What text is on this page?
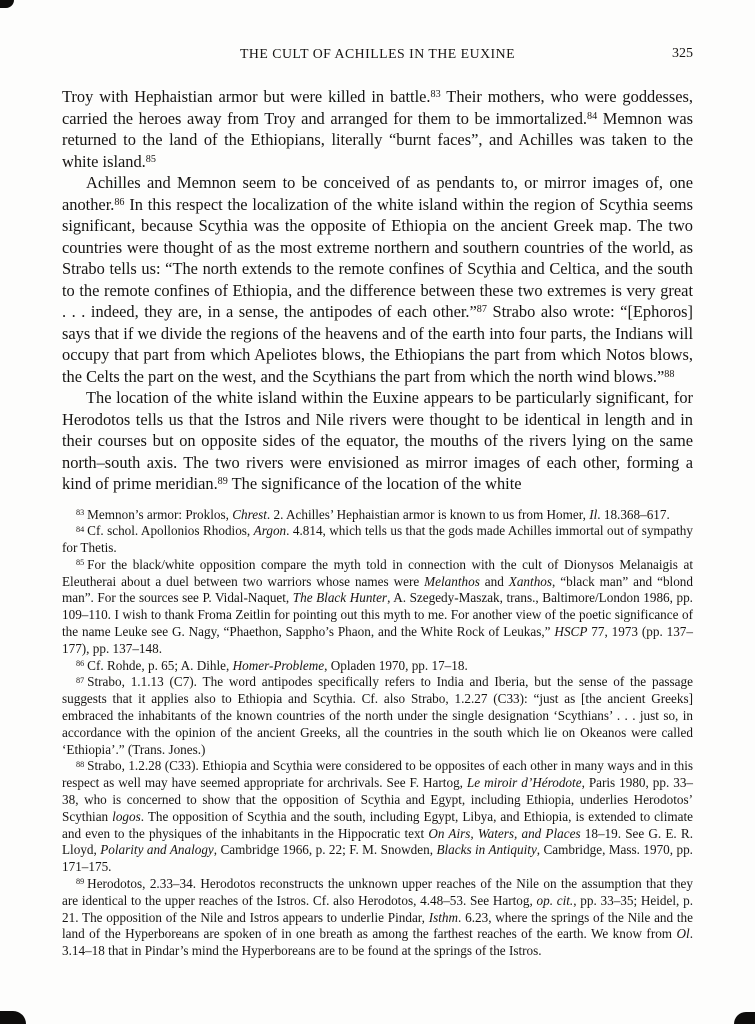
THE CULT OF ACHILLES IN THE EUXINE	325

Troy with Hephaistian armor but were killed in battle.$^{83}$ Their mothers, who were goddesses, carried the heroes away from Troy and arranged for them to be immortalized.$^{84}$ Memnon was returned to the land of the Ethiopians, literally “burnt faces”, and Achilles was taken to the white island.$^{85}$

Achilles and Memnon seem to be conceived of as pendants to, or mirror images of, one another.$^{86}$ In this respect the localization of the white island within the region of Scythia seems significant, because Scythia was the opposite of Ethiopia on the ancient Greek map. The two countries were thought of as the most extreme northern and southern countries of the world, as Strabo tells us: “The north extends to the remote confines of Scythia and Celtica, and the south to the remote confines of Ethiopia, and the difference between these two extremes is very great . . . indeed, they are, in a sense, the antipodes of each other.”$^{87}$ Strabo also wrote: “[Ephoros] says that if we divide the regions of the heavens and of the earth into four parts, the Indians will occupy that part from which Apeliotes blows, the Ethiopians the part from which Notos blows, the Celts the part on the west, and the Scythians the part from which the north wind blows.”$^{88}$

The location of the white island within the Euxine appears to be particularly significant, for Herodotos tells us that the Istros and Nile rivers were thought to be identical in length and in their courses but on opposite sides of the equator, the mouths of the rivers lying on the same north–south axis. The two rivers were envisioned as mirror images of each other, forming a kind of prime meridian.$^{89}$ The significance of the location of the white

$^{83}$ Memnon’s armor: Proklos, Chrest. 2. Achilles’ Hephaistian armor is known to us from Homer, Il. 18.368–617.

$^{84}$ Cf. schol. Apollonios Rhodios, Argon. 4.814, which tells us that the gods made Achilles immortal out of sympathy for Thetis.

$^{85}$ For the black/white opposition compare the myth told in connection with the cult of Dionysos Melanaigis at Eleutherai about a duel between two warriors whose names were Melanthos and Xanthos, “black man” and “blond man”. For the sources see P. Vidal-Naquet, The Black Hunter, A. Szegedy-Maszak, trans., Baltimore/London 1986, pp. 109–110. I wish to thank Froma Zeitlin for pointing out this myth to me. For another view of the poetic significance of the name Leuke see G. Nagy, “Phaethon, Sappho’s Phaon, and the White Rock of Leukas,” HSCP 77, 1973 (pp. 137–177), pp. 137–148.

$^{86}$ Cf. Rohde, p. 65; A. Dihle, Homer-Probleme, Opladen 1970, pp. 17–18.

$^{87}$ Strabo, 1.1.13 (C7). The word antipodes specifically refers to India and Iberia, but the sense of the passage suggests that it applies also to Ethiopia and Scythia. Cf. also Strabo, 1.2.27 (C33): “just as [the ancient Greeks] embraced the inhabitants of the known countries of the north under the single designation ‘Scythians’ . . . just so, in accordance with the opinion of the ancient Greeks, all the countries in the south which lie on Okeanos were called ‘Ethiopia’.” (Trans. Jones.)

$^{88}$ Strabo, 1.2.28 (C33). Ethiopia and Scythia were considered to be opposites of each other in many ways and in this respect as well may have seemed appropriate for archrivals. See F. Hartog, Le miroir d’Hérodote, Paris 1980, pp. 33–38, who is concerned to show that the opposition of Scythia and Egypt, including Ethiopia, underlies Herodotos’ Scythian logos. The opposition of Scythia and the south, including Egypt, Libya, and Ethiopia, is extended to climate and even to the physiques of the inhabitants in the Hippocratic text On Airs, Waters, and Places 18–19. See G. E. R. Lloyd, Polarity and Analogy, Cambridge 1966, p. 22; F. M. Snowden, Blacks in Antiquity, Cambridge, Mass. 1970, pp. 171–175.

$^{89}$ Herodotos, 2.33–34. Herodotos reconstructs the unknown upper reaches of the Nile on the assumption that they are identical to the upper reaches of the Istros. Cf. also Herodotos, 4.48–53. See Hartog, op. cit., pp. 33–35; Heidel, p. 21. The opposition of the Nile and Istros appears to underlie Pindar, Isthm. 6.23, where the springs of the Nile and the land of the Hyperboreans are spoken of in one breath as among the farthest reaches of the earth. We know from Ol. 3.14–18 that in Pindar’s mind the Hyperboreans are to be found at the springs of the Istros.
